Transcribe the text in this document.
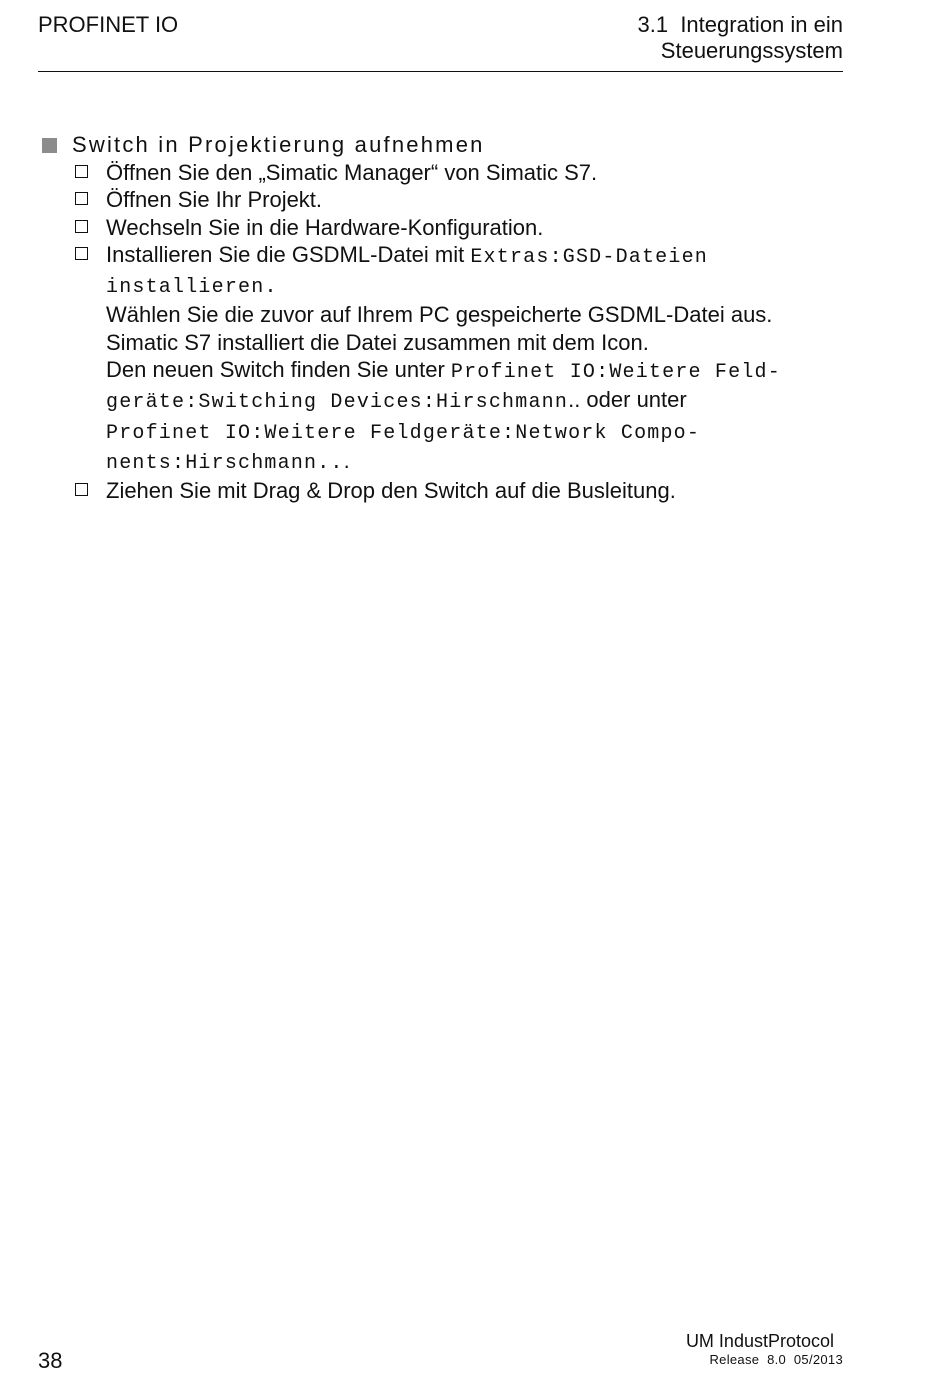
PROFINET IO	3.1  Integration in ein
Steuerungssystem
Switch in Projektierung aufnehmen
Öffnen Sie den „Simatic Manager“ von Simatic S7.
Öffnen Sie Ihr Projekt.
Wechseln Sie in die Hardware-Konfiguration.
Installieren Sie die GSDML-Datei mit Extras:GSD-Dateien
installieren.
Wählen Sie die zuvor auf Ihrem PC gespeicherte GSDML-Datei aus.
Simatic S7 installiert die Datei zusammen mit dem Icon.
Den neuen Switch finden Sie unter Profinet IO:Weitere Feld-
geräte:Switching Devices:Hirschmann.. oder unter
Profinet IO:Weitere Feldgeräte:Network Compo-
nents:Hirschmann...
Ziehen Sie mit Drag & Drop den Switch auf die Busleitung.
38
UM IndustProtocol
Release  8.0  05/2013
